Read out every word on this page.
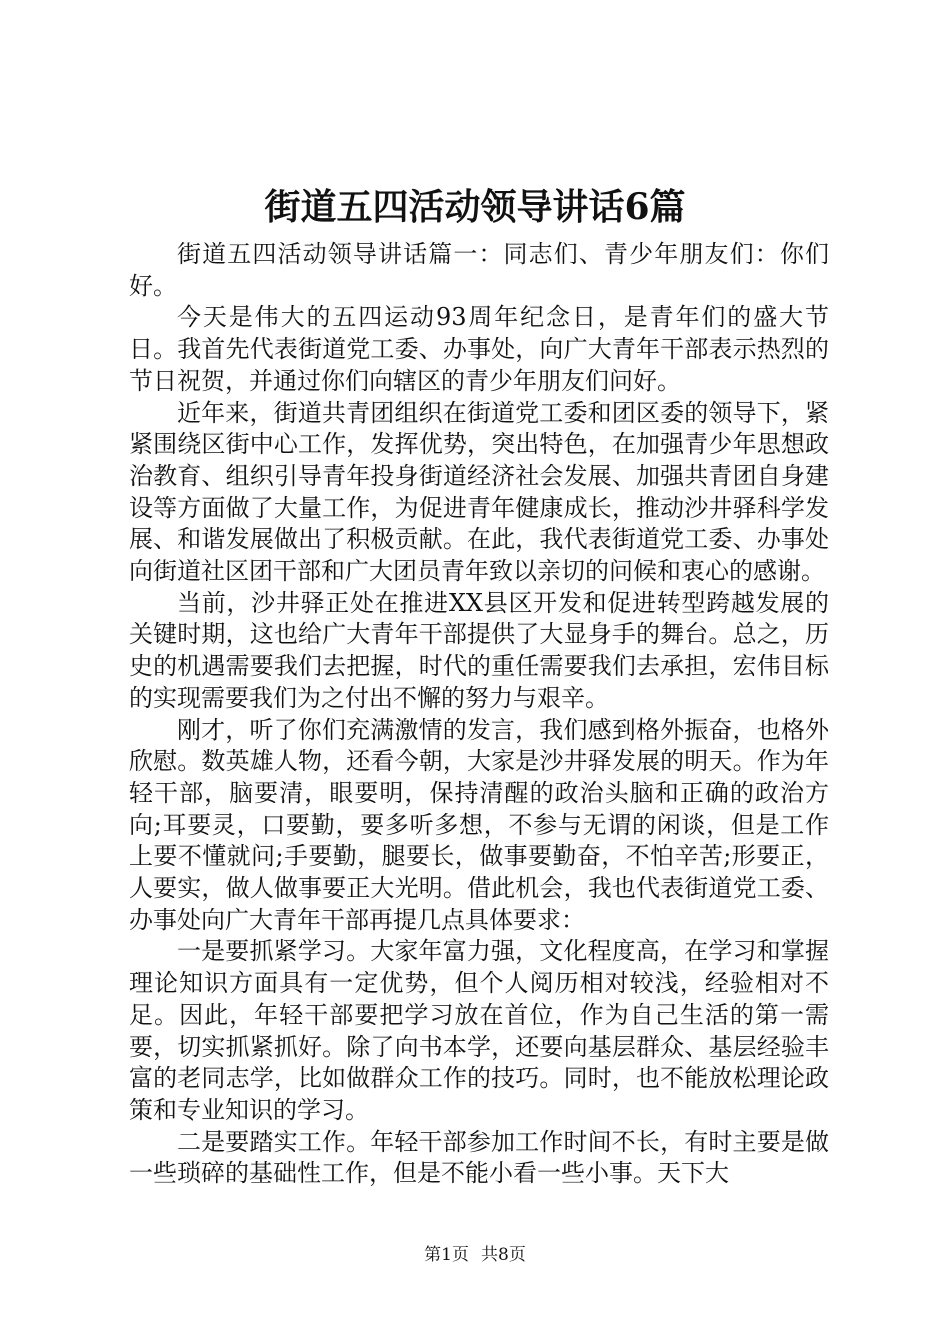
街道五四活动领导讲话6篇

街道五四活动领导讲话篇一：同志们、青少年朋友们：你们好。

今天是伟大的五四运动93周年纪念日，是青年们的盛大节日。我首先代表街道党工委、办事处，向广大青年干部表示热烈的节日祝贺，并通过你们向辖区的青少年朋友们问好。

近年来，街道共青团组织在街道党工委和团区委的领导下，紧紧围绕区街中心工作，发挥优势，突出特色，在加强青少年思想政治教育、组织引导青年投身街道经济社会发展、加强共青团自身建设等方面做了大量工作，为促进青年健康成长，推动沙井驿科学发展、和谐发展做出了积极贡献。在此，我代表街道党工委、办事处向街道社区团干部和广大团员青年致以亲切的问候和衷心的感谢。

当前，沙井驿正处在推进XX县区开发和促进转型跨越发展的关键时期，这也给广大青年干部提供了大显身手的舞台。总之，历史的机遇需要我们去把握，时代的重任需要我们去承担，宏伟目标的实现需要我们为之付出不懈的努力与艰辛。

刚才，听了你们充满激情的发言，我们感到格外振奋，也格外欣慰。数英雄人物，还看今朝，大家是沙井驿发展的明天。作为年轻干部，脑要清，眼要明，保持清醒的政治头脑和正确的政治方向;耳要灵，口要勤，要多听多想，不参与无谓的闲谈，但是工作上要不懂就问;手要勤，腿要长，做事要勤奋，不怕辛苦;形要正，人要实，做人做事要正大光明。借此机会，我也代表街道党工委、办事处向广大青年干部再提几点具体要求：

一是要抓紧学习。大家年富力强，文化程度高，在学习和掌握理论知识方面具有一定优势，但个人阅历相对较浅，经验相对不足。因此，年轻干部要把学习放在首位，作为自己生活的第一需要，切实抓紧抓好。除了向书本学，还要向基层群众、基层经验丰富的老同志学，比如做群众工作的技巧。同时，也不能放松理论政策和专业知识的学习。

二是要踏实工作。年轻干部参加工作时间不长，有时主要是做一些琐碎的基础性工作，但是不能小看一些小事。天下大

第1页 共8页
